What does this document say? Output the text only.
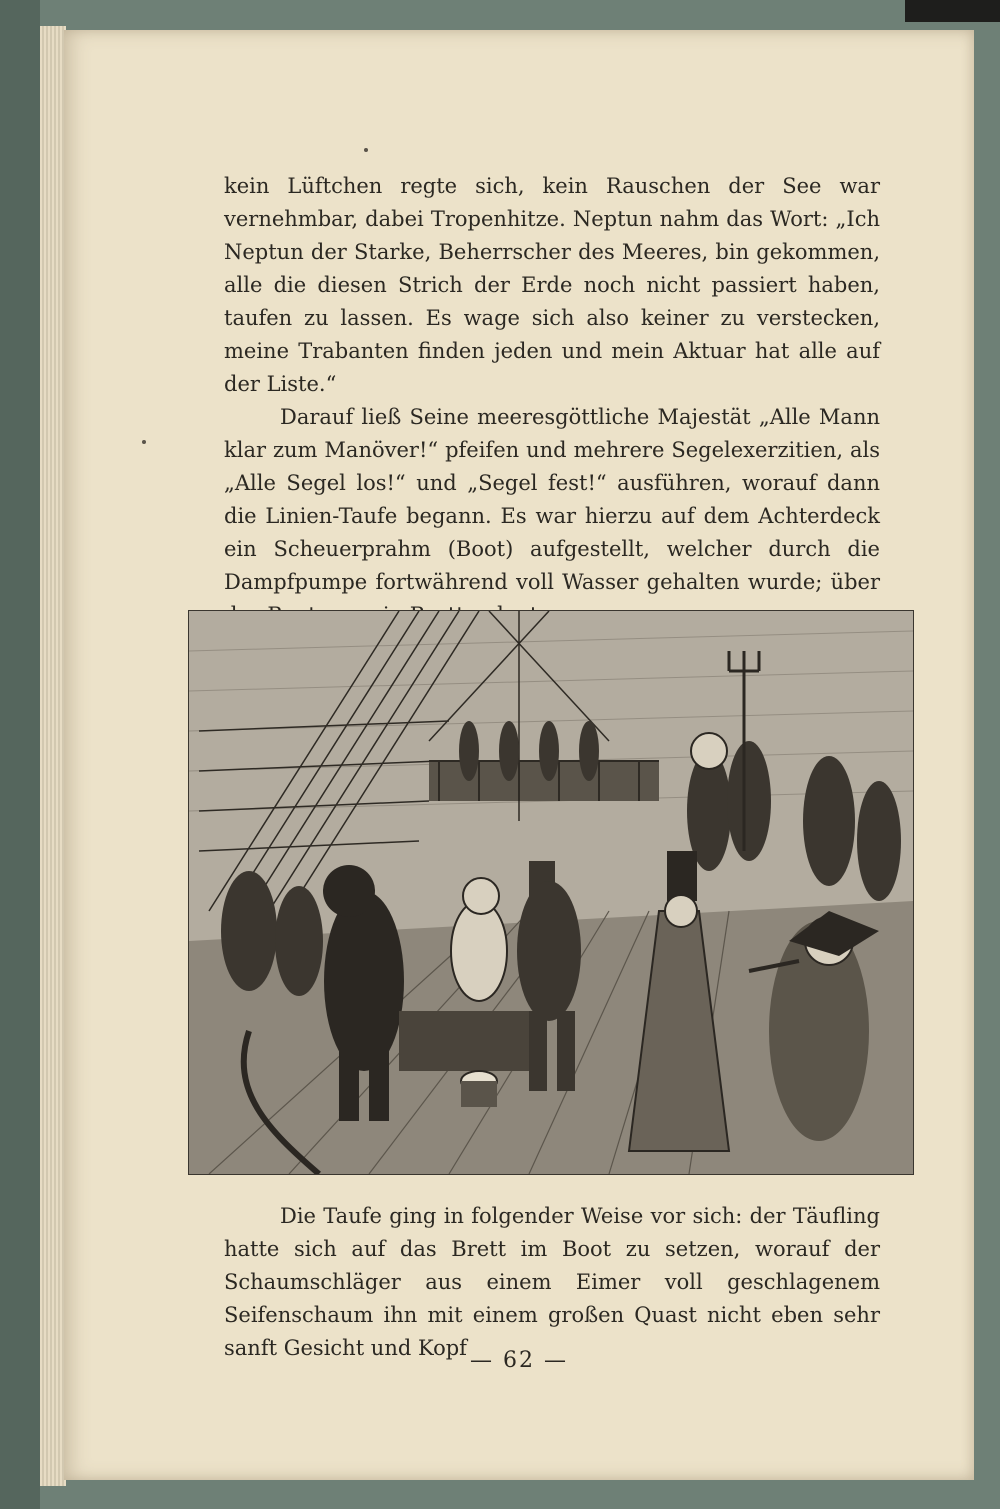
kein Lüftchen regte sich, kein Rauschen der See war vernehmbar, dabei Tropenhitze. Neptun nahm das Wort: „Ich Neptun der Starke, Beherrscher des Meeres, bin gekommen, alle die diesen Strich der Erde noch nicht passiert haben, taufen zu lassen. Es wage sich also keiner zu verstecken, meine Trabanten finden jeden und mein Aktuar hat alle auf der Liste.“

Darauf ließ Seine meeresgöttliche Majestät „Alle Mann klar zum Manöver!“ pfeifen und mehrere Segelexerzitien, als „Alle Segel los!“ und „Segel fest!“ ausführen, worauf dann die Linien-Taufe begann. Es war hierzu auf dem Achterdeck ein Scheuerprahm (Boot) aufgestellt, welcher durch die Dampfpumpe fortwährend voll Wasser gehalten wurde; über

Die Taufe ging in folgender Weise vor sich: der Täufling hatte sich auf das Brett im Boot zu setzen, worauf der Schaumschläger aus einem Eimer voll geschlagenem Seifenschaum ihn mit einem großen Quast nicht eben sehr sanft Gesicht und Kopf — 62 —
